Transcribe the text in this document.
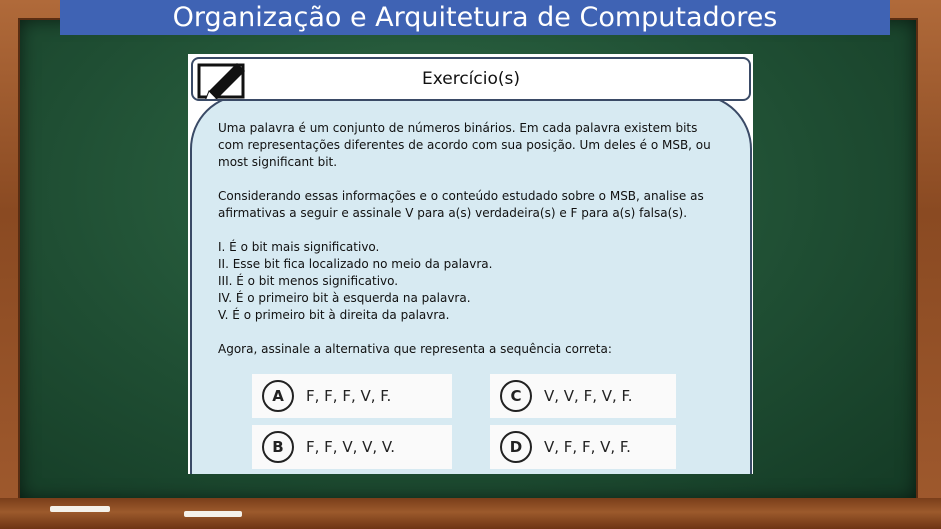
Organização e Arquitetura de Computadores
Exercício(s)

Uma palavra é um conjunto de números binários. Em cada palavra existem bits com representações diferentes de acordo com sua posição. Um deles é o MSB, ou most significant bit.

Considerando essas informações e o conteúdo estudado sobre o MSB, analise as afirmativas a seguir e assinale V para a(s) verdadeira(s) e F para a(s) falsa(s).

I. É o bit mais significativo.

II. Esse bit fica localizado no meio da palavra.

III. É o bit menos significativo.

IV. É o primeiro bit à esquerda na palavra.

V. É o primeiro bit à direita da palavra.

Agora, assinale a alternativa que representa a sequência correta:

A	F, F, F, V, F.
B	F, F, V, V, V.
C	V, V, F, V, F.
D	V, F, F, V, F.
